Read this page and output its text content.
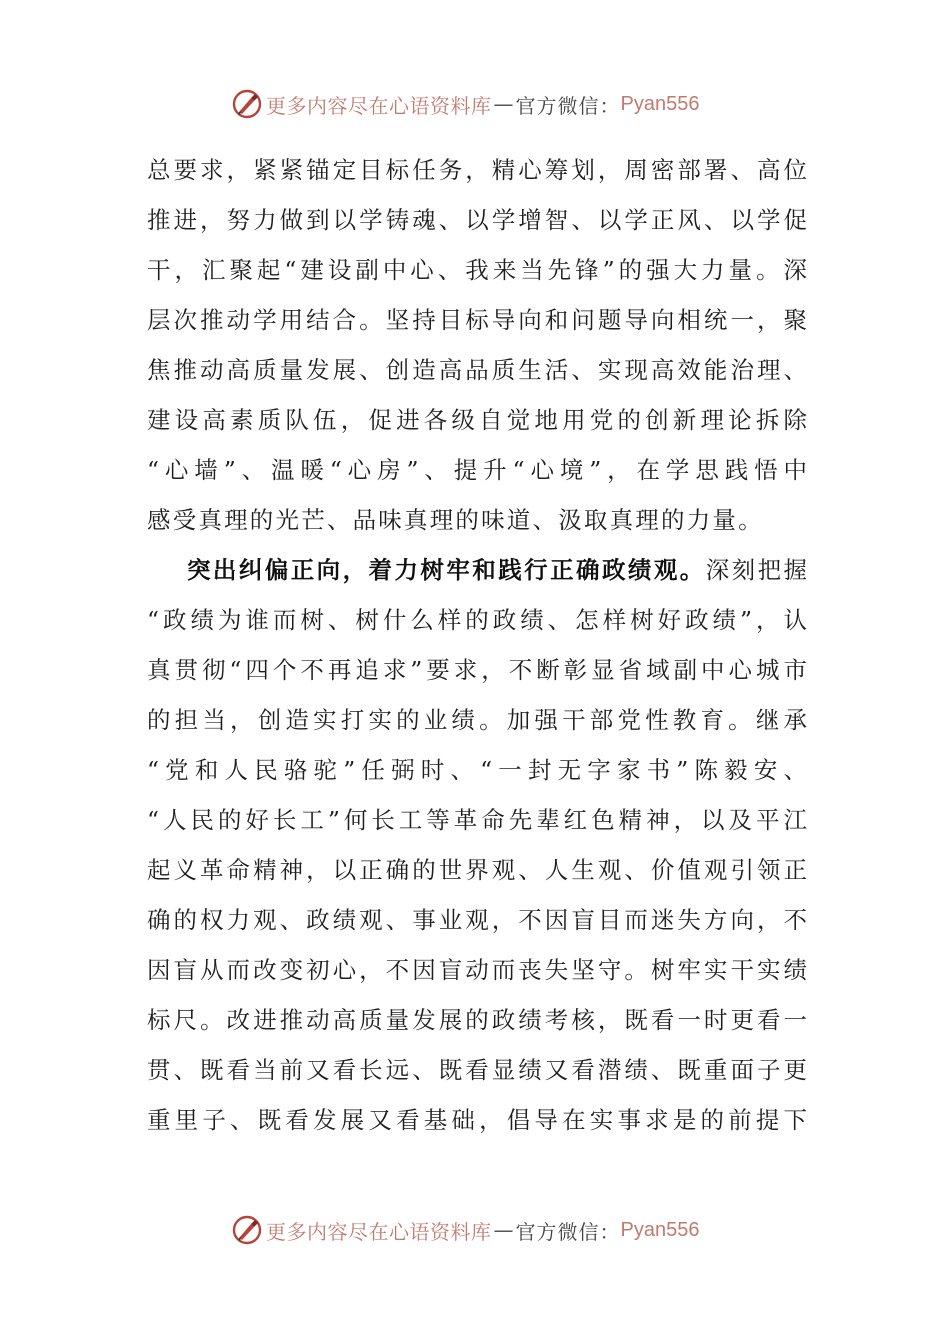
更多内容尽在心语资料库 — 官方微信： Pyan556
总要求，紧紧锚定目标任务，精心筹划，周密部署、高位
推进，努力做到以学铸魂、以学增智、以学正风、以学促
干，汇聚起“建设副中心、我来当先锋”的强大力量。深
层次推动学用结合。坚持目标导向和问题导向相统一，聚
焦推动高质量发展、创造高品质生活、实现高效能治理、
建设高素质队伍，促进各级自觉地用党的创新理论拆除
“心墙”、温暖“心房”、提升“心境”，在学思践悟中
感受真理的光芒、品味真理的味道、汲取真理的力量。
突出纠偏正向，着力树牢和践行正确政绩观。深刻把握
“政绩为谁而树、树什么样的政绩、怎样树好政绩”，认
真贯彻“四个不再追求”要求，不断彰显省域副中心城市
的担当，创造实打实的业绩。加强干部党性教育。继承
“党和人民骆驼”任弼时、“一封无字家书”陈毅安、
“人民的好长工”何长工等革命先辈红色精神，以及平江
起义革命精神，以正确的世界观、人生观、价值观引领正
确的权力观、政绩观、事业观，不因盲目而迷失方向，不
因盲从而改变初心，不因盲动而丧失坚守。树牢实干实绩
标尺。改进推动高质量发展的政绩考核，既看一时更看一
贯、既看当前又看长远、既看显绩又看潜绩、既重面子更
重里子、既看发展又看基础，倡导在实事求是的前提下
更多内容尽在心语资料库 — 官方微信： Pyan556
